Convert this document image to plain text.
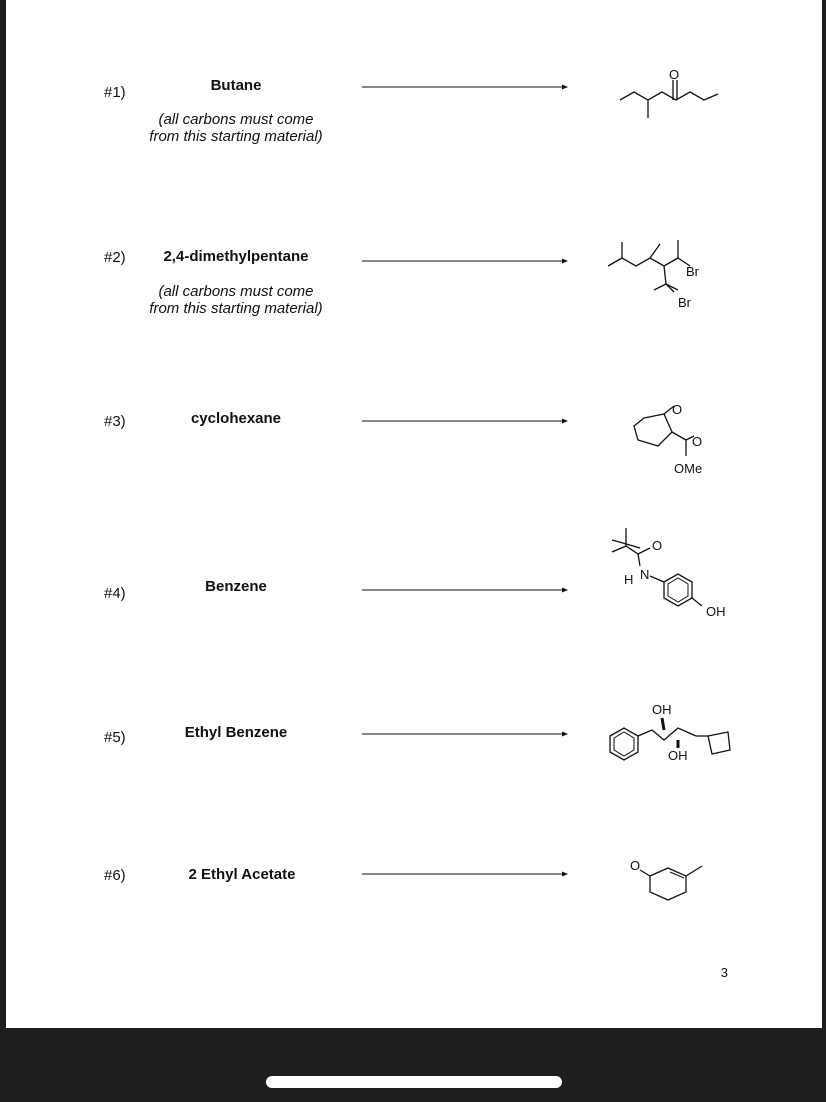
#1)	Butane
(all carbons must come
from this starting material)
O
#2)	2,4-dimethylpentane
(all carbons must come
from this starting material)
Br
Br
#3)	cyclohexane
O
O
OMe
#4)	Benzene
O
H N
OH
#5)	Ethyl Benzene
OH
OH
#6)	2 Ethyl Acetate
O
3
